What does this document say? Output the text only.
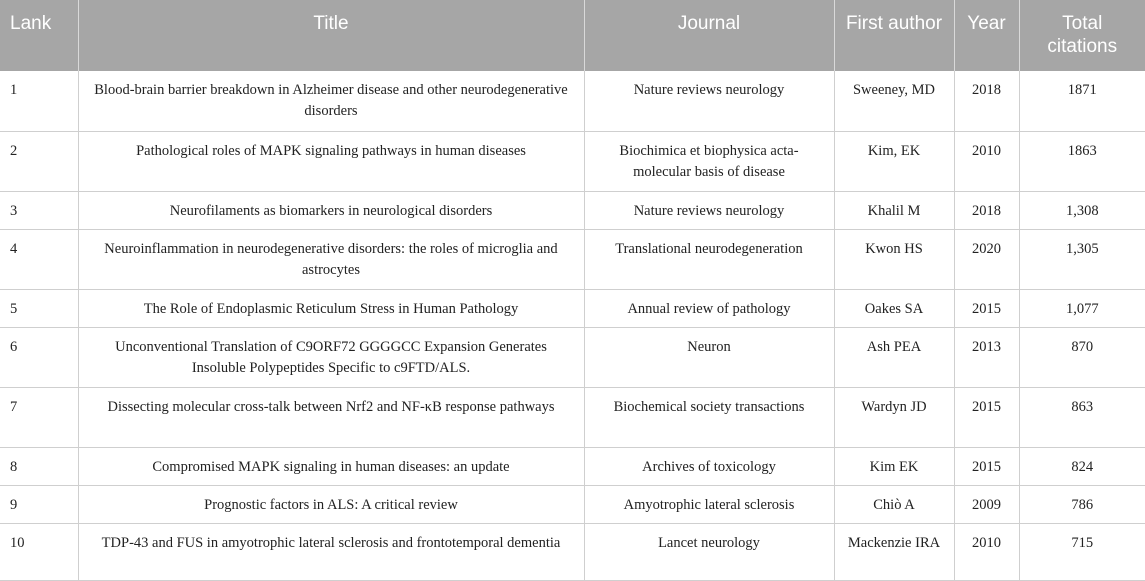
Lank	Title	Journal	First author	Year	Total citations
1	Blood-brain barrier breakdown in Alzheimer disease and other neurodegenerative disorders	Nature reviews neurology	Sweeney, MD	2018	1871
2	Pathological roles of MAPK signaling pathways in human diseases	Biochimica et biophysica acta-molecular basis of disease	Kim, EK	2010	1863
3	Neurofilaments as biomarkers in neurological disorders	Nature reviews neurology	Khalil M	2018	1,308
4	Neuroinflammation in neurodegenerative disorders: the roles of microglia and astrocytes	Translational neurodegeneration	Kwon HS	2020	1,305
5	The Role of Endoplasmic Reticulum Stress in Human Pathology	Annual review of pathology	Oakes SA	2015	1,077
6	Unconventional Translation of C9ORF72 GGGGCC Expansion Generates Insoluble Polypeptides Specific to c9FTD/ALS.	Neuron	Ash PEA	2013	870
7	Dissecting molecular cross-talk between Nrf2 and NF-κB response pathways	Biochemical society transactions	Wardyn JD	2015	863
8	Compromised MAPK signaling in human diseases: an update	Archives of toxicology	Kim EK	2015	824
9	Prognostic factors in ALS: A critical review	Amyotrophic lateral sclerosis	Chiò A	2009	786
10	TDP-43 and FUS in amyotrophic lateral sclerosis and frontotemporal dementia	Lancet neurology	Mackenzie IRA	2010	715
